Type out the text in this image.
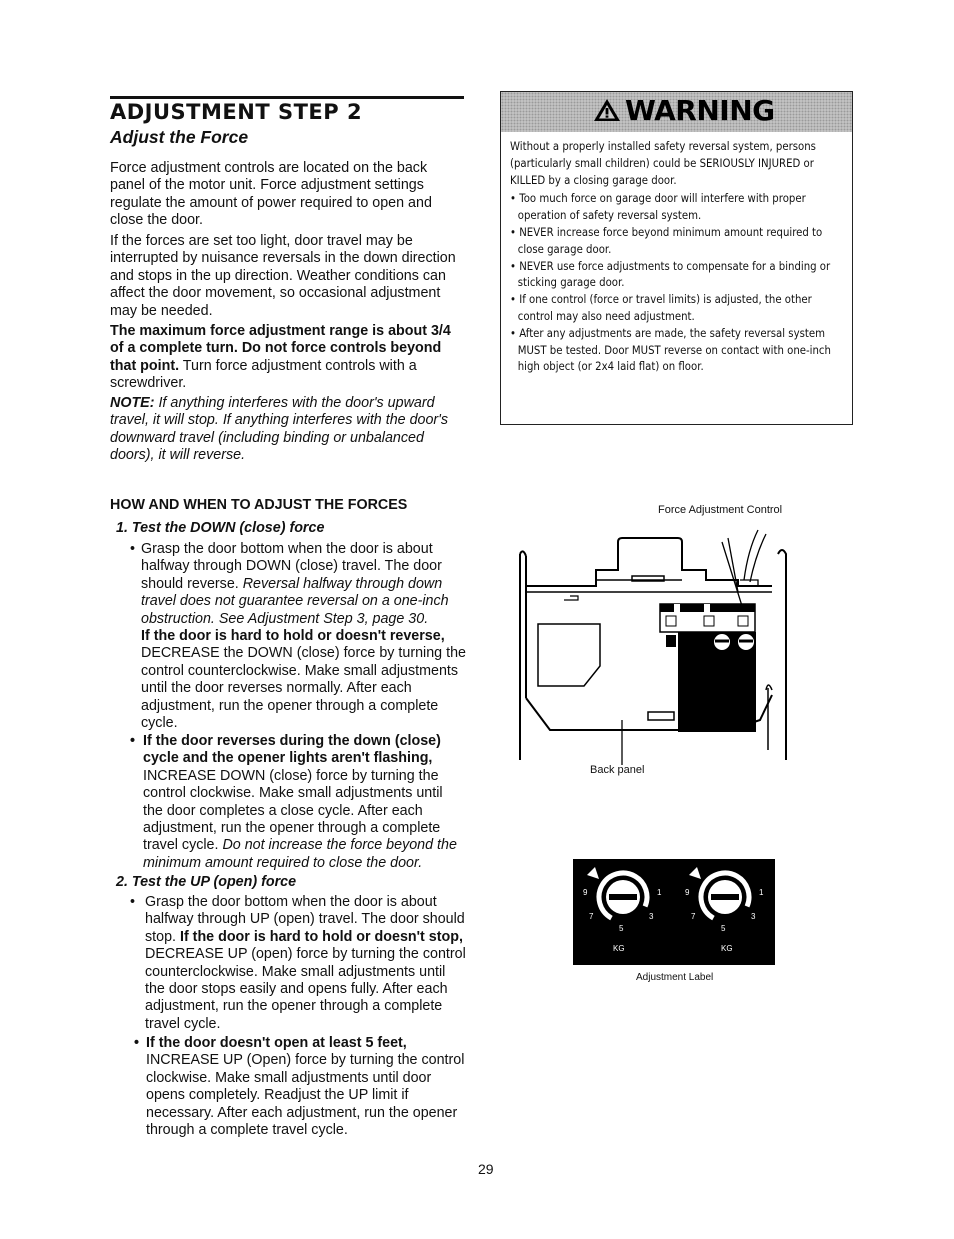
ADJUSTMENT STEP 2
Adjust the Force

Force adjustment controls are located on the back panel of the motor unit. Force adjustment settings regulate the amount of power required to open and close the door.

If the forces are set too light, door travel may be interrupted by nuisance reversals in the down direction and stops in the up direction. Weather conditions can affect the door movement, so occasional adjustment may be needed.

The maximum force adjustment range is about 3/4 of a complete turn. Do not force controls beyond that point. Turn force adjustment controls with a screwdriver.

NOTE: If anything interferes with the door's upward travel, it will stop. If anything interferes with the door's downward travel (including binding or unbalanced doors), it will reverse.

WARNING

Without a properly installed safety reversal system, persons (particularly small children) could be SERIOUSLY INJURED or KILLED by a closing garage door.

• Too much force on garage door will interfere with proper operation of safety reversal system.
• NEVER increase force beyond minimum amount required to close garage door.
• NEVER use force adjustments to compensate for a binding or sticking garage door.
• If one control (force or travel limits) is adjusted, the other control may also need adjustment.
• After any adjustments are made, the safety reversal system MUST be tested. Door MUST reverse on contact with one-inch high object (or 2x4 laid flat) on floor.
HOW AND WHEN TO ADJUST THE FORCES
1. Test the DOWN (close) force

• Grasp the door bottom when the door is about halfway through DOWN (close) travel. The door should reverse. Reversal halfway through down travel does not guarantee reversal on a one-inch obstruction. See Adjustment Step 3, page 30.
If the door is hard to hold or doesn't reverse, DECREASE the DOWN (close) force by turning the control counterclockwise. Make small adjustments until the door reverses normally. After each adjustment, run the opener through a complete cycle.

• If the door reverses during the down (close) cycle and the opener lights aren't flashing, INCREASE DOWN (close) force by turning the control clockwise. Make small adjustments until the door completes a close cycle. After each adjustment, run the opener through a complete travel cycle. Do not increase the force beyond the minimum amount required to close the door.

2. Test the UP (open) force

• Grasp the door bottom when the door is about halfway through UP (open) travel. The door should stop. If the door is hard to hold or doesn't stop, DECREASE UP (open) force by turning the control counterclockwise. Make small adjustments until the door stops easily and opens fully. After each adjustment, run the opener through a complete travel cycle.

• If the door doesn't open at least 5 feet, INCREASE UP (Open) force by turning the control clockwise. Make small adjustments until door opens completely. Readjust the UP limit if necessary. After each adjustment, run the opener through a complete travel cycle.

Force Adjustment Control
Back panel
9
7
5
3
1
KG
9
7
5
3
1
KG
Adjustment Label
29
